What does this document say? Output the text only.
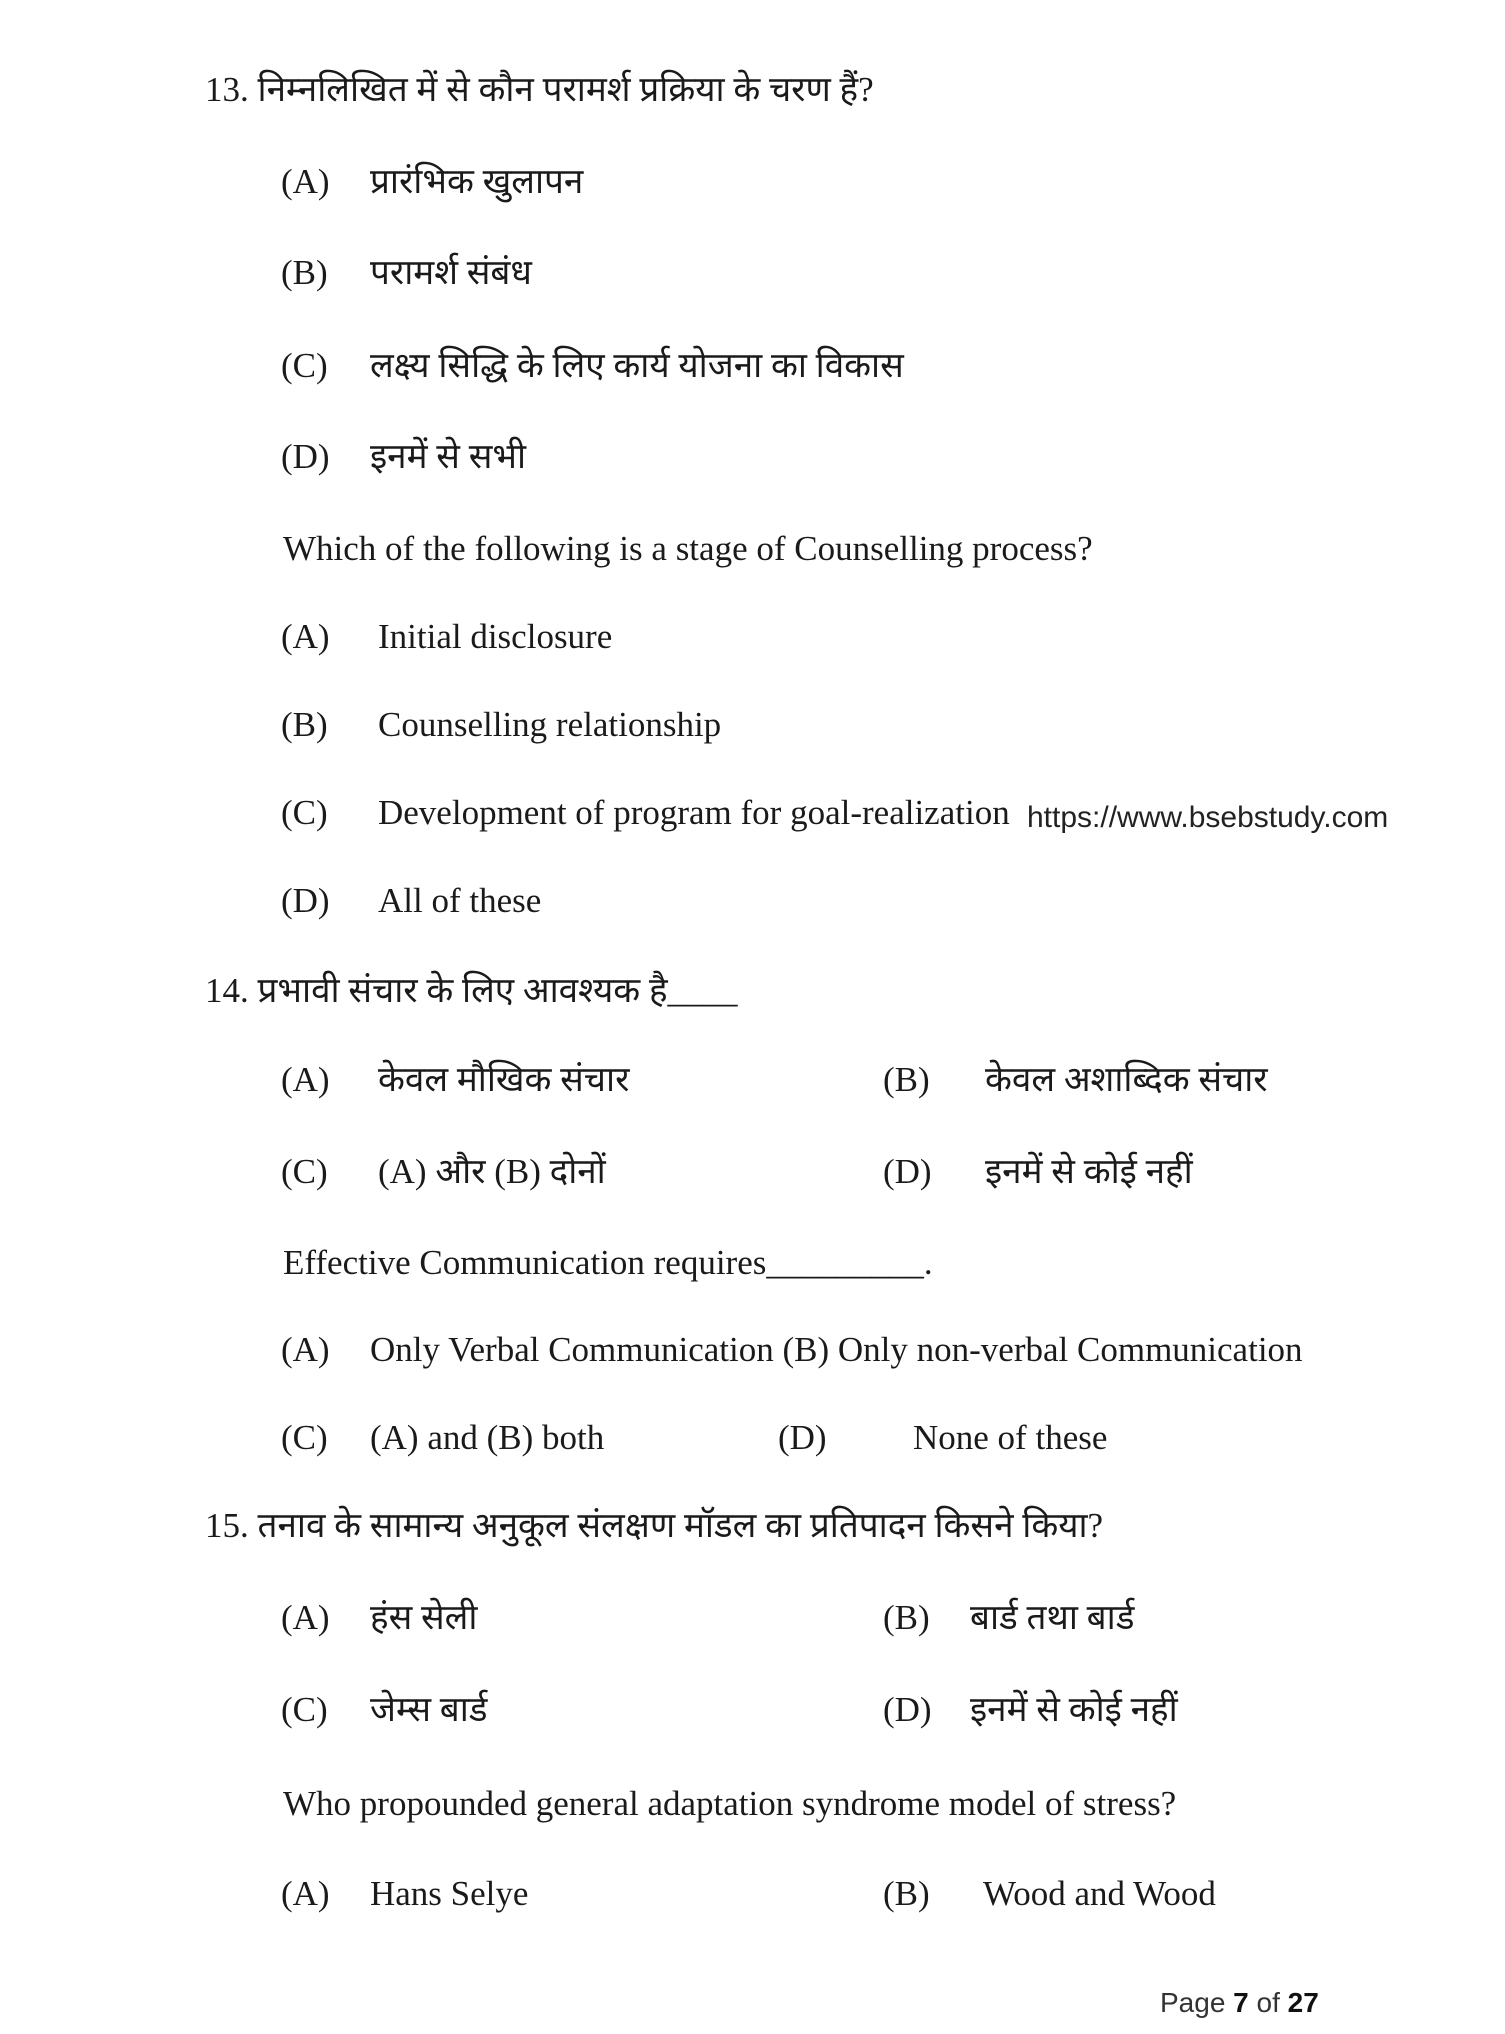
13. निम्नलिखित में से कौन परामर्श प्रक्रिया के चरण हैं?
(A) प्रारंभिक खुलापन
(B) परामर्श संबंध
(C) लक्ष्य सिद्धि के लिए कार्य योजना का विकास
(D) इनमें से सभी
Which of the following is a stage of Counselling process?
(A) Initial disclosure
(B) Counselling relationship
(C) Development of program for goal-realization
(D) All of these
https://www.bsebstudy.com
14. प्रभावी संचार के लिए आवश्यक है____
(A) केवल मौखिक संचार	(B) केवल अशाब्दिक संचार
(C) (A) और (B) दोनों	(D) इनमें से कोई नहीं
Effective Communication requires_________.
(A) Only Verbal Communication (B) Only non-verbal Communication
(C) (A) and (B) both	(D) None of these
15. तनाव के सामान्य अनुकूल संलक्षण मॉडल का प्रतिपादन किसने किया?
(A) हंस सेली	(B) बार्ड तथा बार्ड
(C) जेम्स बार्ड	(D) इनमें से कोई नहीं
Who propounded general adaptation syndrome model of stress?
(A) Hans Selye	(B) Wood and Wood
Page 7 of 27
